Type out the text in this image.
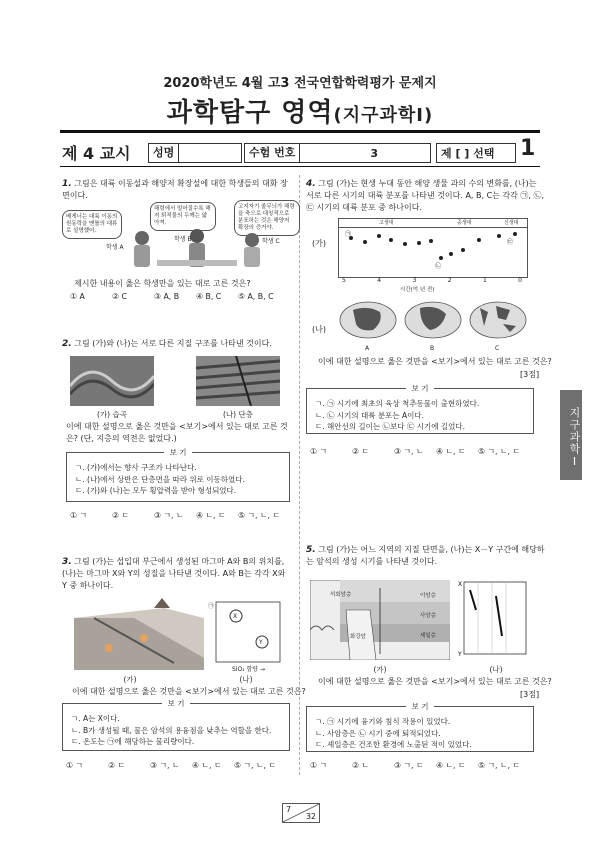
2020학년도 4월 고3 전국연합학력평가 문제지
과학탐구 영역(지구과학Ⅰ)
제 4 교시	성명	수험 번호	3	제 [ ] 선택	1
1. 그림은 대륙 이동설과 해양저 확장설에 대한 학생들의 대화 장면이다.
베게너는 대륙 이동의 원동력을 맨틀의 대류로 설명했어.
해령에서 멀어질수록 해저 퇴적물의 두께는 얇아져.
고지자기 줄무늬가 해령을 축으로 대칭적으로 분포하는 것은 해양저 확장의 증거야.
학생 A
학생 B	학생 C
제시한 내용이 옳은 학생만을 있는 대로 고른 것은?
① A	② C	③ A, B	④ B, C	⑤ A, B, C
2. 그림 (가)와 (나)는 서로 다른 지질 구조를 나타낸 것이다.
(가) 습곡	(나) 단층
이에 대한 설명으로 옳은 것만을 <보기>에서 있는 대로 고른 것은? (단, 지층의 역전은 없었다.)
보 기
ㄱ. (가)에서는 향사 구조가 나타난다.
ㄴ. (나)에서 상반은 단층면을 따라 위로 이동하였다.
ㄷ. (가)와 (나)는 모두 횡압력을 받아 형성되었다.
① ㄱ	② ㄷ	③ ㄱ, ㄴ	④ ㄴ, ㄷ	⑤ ㄱ, ㄴ, ㄷ
3. 그림 (가)는 섭입대 부근에서 생성된 마그마 A와 B의 위치를, (나)는 마그마 X와 Y의 성질을 나타낸 것이다. A와 B는 각각 X와 Y 중 하나이다.
㉠
X
Y
SiO₂ 함량 →
(가)	(나)
이에 대한 설명으로 옳은 것만을 <보기>에서 있는 대로 고른 것은?
보 기
ㄱ. A는 X이다.
ㄴ. B가 생성될 때, 물은 암석의 용융점을 낮추는 역할을 한다.
ㄷ. 온도는 ㉠에 해당하는 물리량이다.
① ㄱ	② ㄷ	③ ㄱ, ㄴ	④ ㄴ, ㄷ	⑤ ㄱ, ㄴ, ㄷ
4. 그림 (가)는 현생 누대 동안 해양 생물 과의 수의 변화를, (나)는 서로 다른 시기의 대륙 분포를 나타낸 것이다. A, B, C는 각각 ㉠, ㉡, ㉢ 시기의 대륙 분포 중 하나이다.
(가)
고생대	중생대	신생대
㉠
㉡
㉢
5	4	3	2	1	0
시간(억 년 전)
(나)
A	B	C
이에 대한 설명으로 옳은 것만을 <보기>에서 있는 대로 고른 것은?
[3점]
보 기
ㄱ. ㉠ 시기에 최초의 육상 척추동물이 출현하였다.
ㄴ. ㉡ 시기의 대륙 분포는 A이다.
ㄷ. 해안선의 길이는 ㉡보다 ㉢ 시기에 길었다.
① ㄱ	② ㄷ	③ ㄱ, ㄴ	④ ㄴ, ㄷ	⑤ ㄱ, ㄴ, ㄷ	지구과학Ⅰ
5. 그림 (가)는 어느 지역의 지질 단면을, (나)는 X－Y 구간에 해당하는 암석의 생성 시기를 나타낸 것이다.
이암층
사암층
셰일층
화강암
석회암층
X
Y
(가)	(나)
이에 대한 설명으로 옳은 것만을 <보기>에서 있는 대로 고른 것은?
[3점]
보 기
ㄱ. ㉠ 시기에 융기와 침식 작용이 있었다.
ㄴ. 사암층은 ㉡ 시기 중에 퇴적되었다.
ㄷ. 셰일층은 건조한 환경에 노출된 적이 있었다.
① ㄱ	② ㄴ	③ ㄱ, ㄷ	④ ㄴ, ㄷ	⑤ ㄱ, ㄴ, ㄷ
7
32
